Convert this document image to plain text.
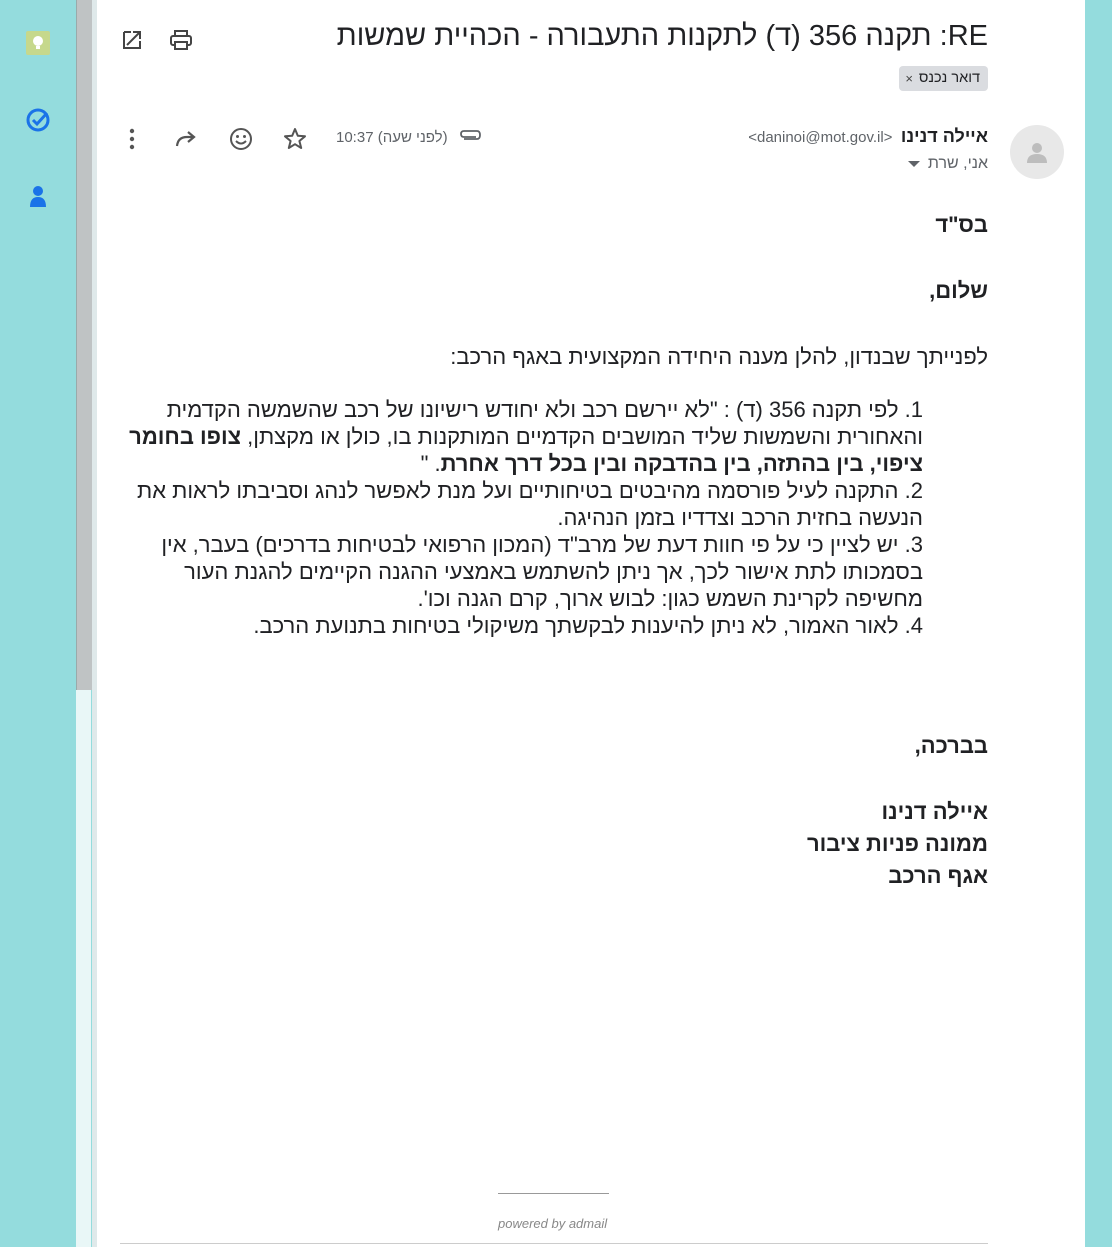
RE: תקנה 356 (ד) לתקנות התעבורה - הכהיית שמשות
דואר נכנס
×
איילה דנינו <daninoi@mot.gov.il>
אני, שרת
10:37 (לפני שעה)

בס"ד

שלום,

לפנייתך שבנדון, להלן מענה היחידה המקצועית באגף הרכב:

1. לפי תקנה 356 (ד) : "לא יירשם רכב ולא יחודש רישיונו של רכב שהשמשה הקדמית והאחורית והשמשות שליד המושבים הקדמיים המותקנות בו, כולן או מקצתן, צופו בחומר ציפוי, בין בהתזה, בין בהדבקה ובין בכל דרך אחרת. "
2. התקנה לעיל פורסמה מהיבטים בטיחותיים ועל מנת לאפשר לנהג וסביבתו לראות את הנעשה בחזית הרכב וצדדיו בזמן הנהיגה.
3. יש לציין כי על פי חוות דעת של מרב"ד (המכון הרפואי לבטיחות בדרכים) בעבר, אין בסמכותו לתת אישור לכך, אך ניתן להשתמש באמצעי ההגנה הקיימים להגנת העור מחשיפה לקרינת השמש כגון: לבוש ארוך, קרם הגנה וכו'.
4. לאור האמור, לא ניתן להיענות לבקשתך משיקולי בטיחות בתנועת הרכב.

בברכה,

איילה דנינו

ממונה פניות ציבור

אגף הרכב

powered by admail
